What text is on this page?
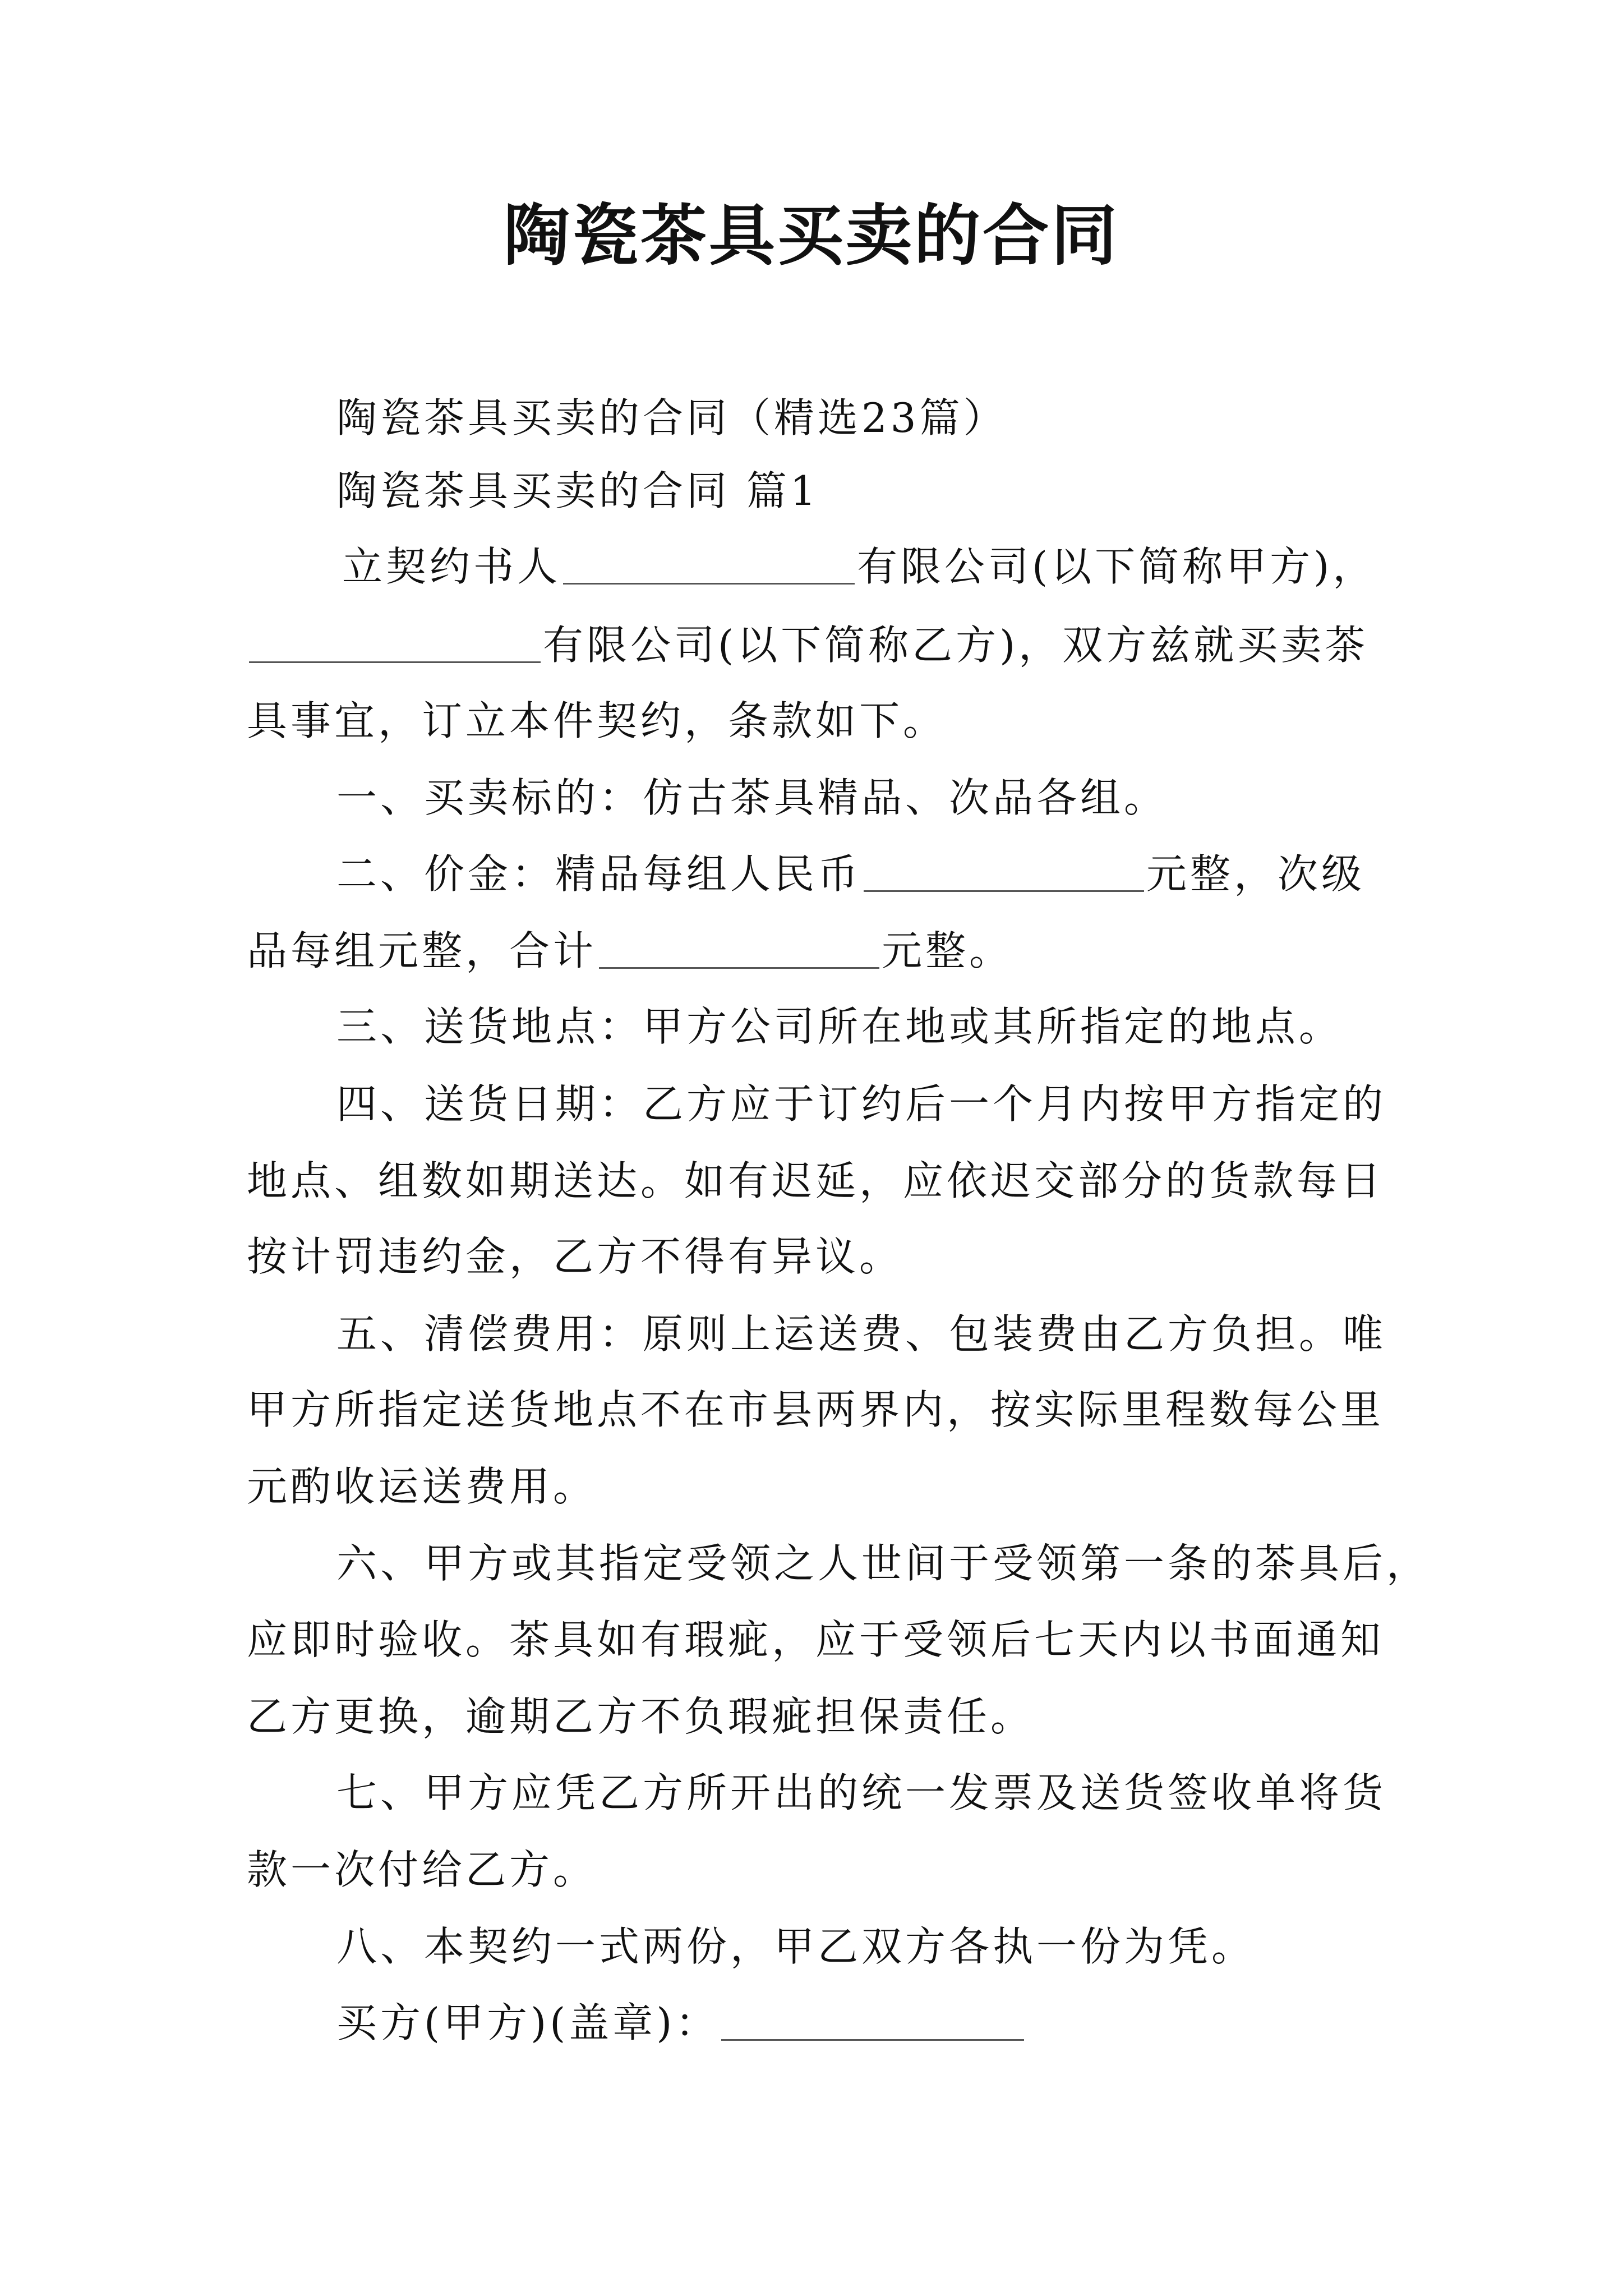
陶瓷茶具买卖的合同
陶瓷茶具买卖的合同（精选23篇）
陶瓷茶具买卖的合同 篇1
立契约书人	有限公司(以下简称甲方)，
有限公司(以下简称乙方)，双方兹就买卖茶
具事宜，订立本件契约，条款如下。
一、买卖标的：仿古茶具精品、次品各组。
二、价金：精品每组人民币	元整，次级
品每组元整，合计	元整。
三、送货地点：甲方公司所在地或其所指定的地点。
四、送货日期：乙方应于订约后一个月内按甲方指定的
地点、组数如期送达。如有迟延，应依迟交部分的货款每日
按计罚违约金，乙方不得有异议。
五、清偿费用：原则上运送费、包装费由乙方负担。唯
甲方所指定送货地点不在市县两界内，按实际里程数每公里
元酌收运送费用。
六、甲方或其指定受领之人世间于受领第一条的茶具后，
应即时验收。茶具如有瑕疵，应于受领后七天内以书面通知
乙方更换，逾期乙方不负瑕疵担保责任。
七、甲方应凭乙方所开出的统一发票及送货签收单将货
款一次付给乙方。
八、本契约一式两份，甲乙双方各执一份为凭。
买方(甲方)(盖章)：
